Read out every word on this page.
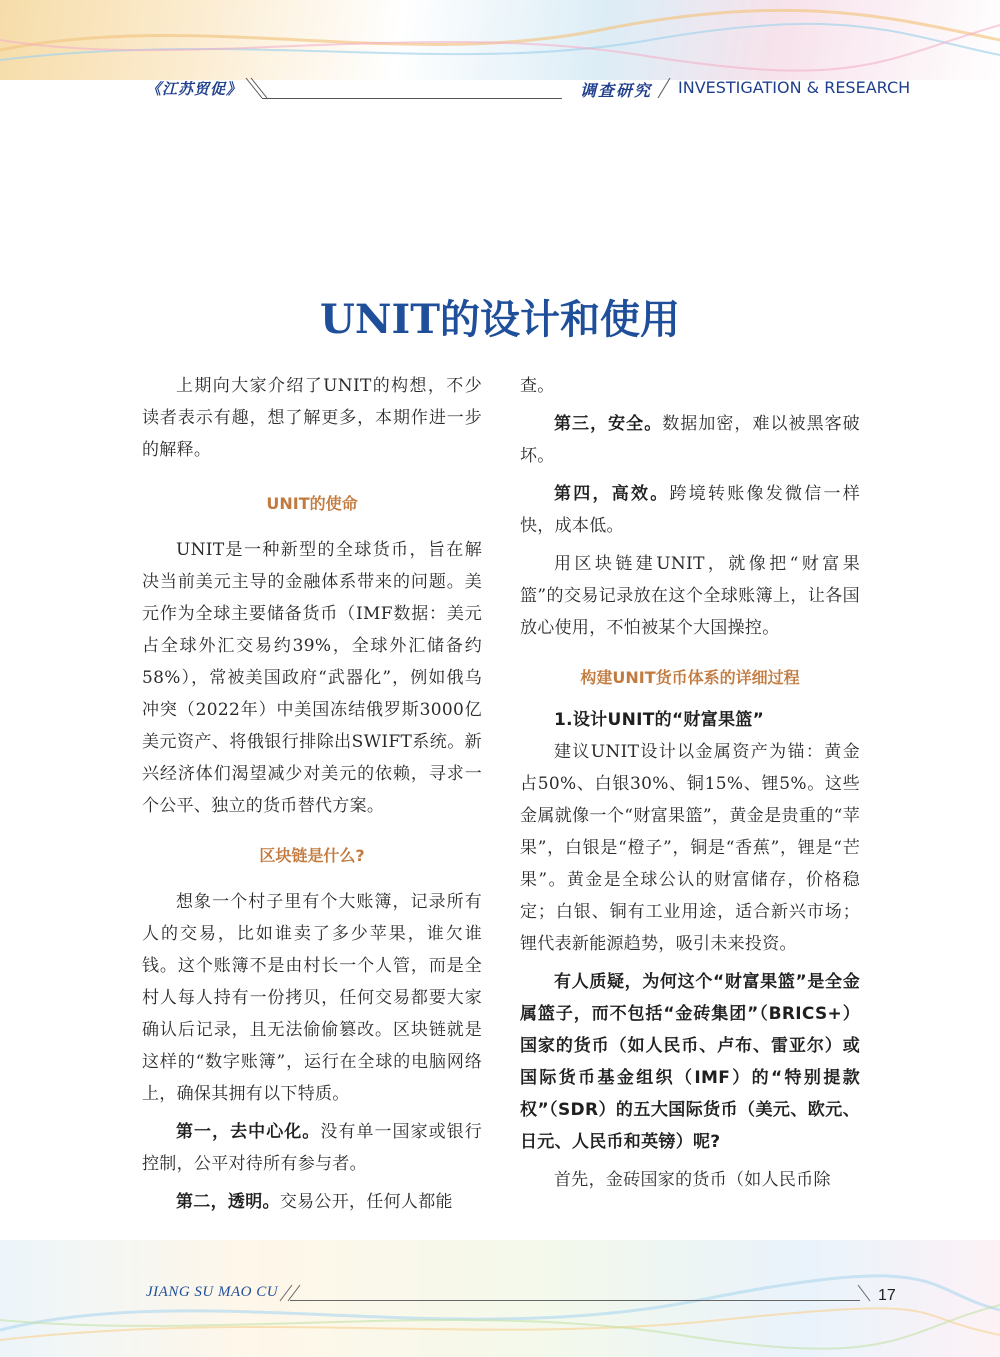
《江苏贸促》	调查研究 INVESTIGATION & RESEARCH
UNIT的设计和使用

上期向大家介绍了UNIT的构想，不少读者表示有趣，想了解更多，本期作进一步的解释。

UNIT的使命

UNIT是一种新型的全球货币，旨在解决当前美元主导的金融体系带来的问题。美元作为全球主要储备货币（IMF数据：美元占全球外汇交易约39%，全球外汇储备约58%），常被美国政府“武器化”，例如俄乌冲突（2022年）中美国冻结俄罗斯3000亿美元资产、将俄银行排除出SWIFT系统。新兴经济体们渴望减少对美元的依赖，寻求一个公平、独立的货币替代方案。

区块链是什么?

想象一个村子里有个大账簿，记录所有人的交易，比如谁卖了多少苹果，谁欠谁钱。这个账簿不是由村长一个人管，而是全村人每人持有一份拷贝，任何交易都要大家确认后记录，且无法偷偷篡改。区块链就是这样的“数字账簿”，运行在全球的电脑网络上，确保其拥有以下特质。

第一，去中心化。没有单一国家或银行控制，公平对待所有参与者。

第二，透明。交易公开，任何人都能

查。

第三，安全。数据加密，难以被黑客破坏。

第四，高效。跨境转账像发微信一样快，成本低。

用区块链建UNIT，就像把“财富果篮”的交易记录放在这个全球账簿上，让各国放心使用，不怕被某个大国操控。

构建UNIT货币体系的详细过程

1.设计UNIT的“财富果篮”

建议UNIT设计以金属资产为锚：黄金占50%、白银30%、铜15%、锂5%。这些金属就像一个“财富果篮”，黄金是贵重的“苹果”，白银是“橙子”，铜是“香蕉”，锂是“芒果”。黄金是全球公认的财富储存，价格稳定；白银、铜有工业用途，适合新兴市场；锂代表新能源趋势，吸引未来投资。

有人质疑，为何这个“财富果篮”是全金属篮子，而不包括“金砖集团”（BRICS+）国家的货币（如人民币、卢布、雷亚尔）或国际货币基金组织（IMF）的“特别提款权”（SDR）的五大国际货币（美元、欧元、日元、人民币和英镑）呢?

首先，金砖国家的货币（如人民币除

JIANG SU MAO CU	17
